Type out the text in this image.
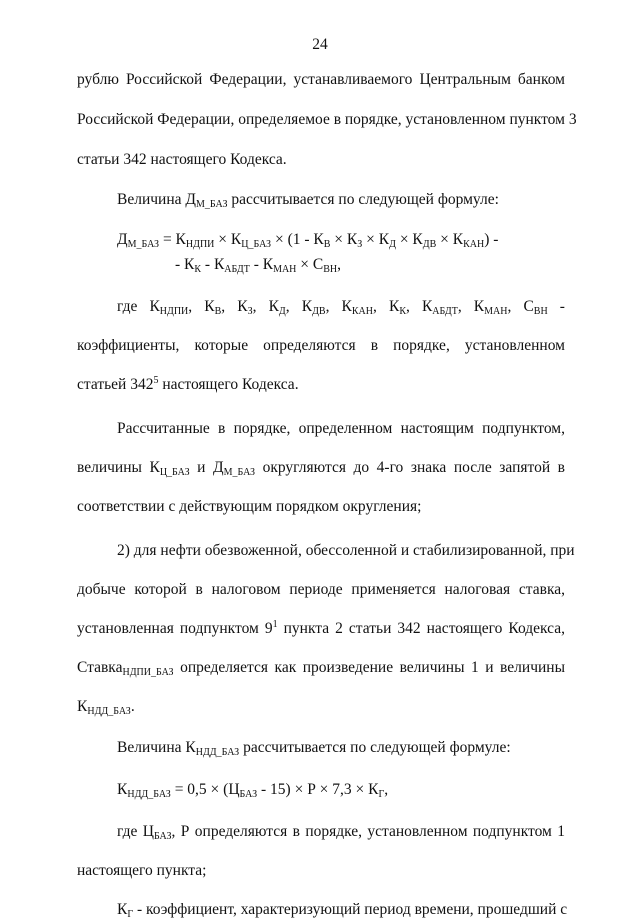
24
рублю Российской Федерации, устанавливаемого Центральным банком
Российской Федерации, определяемое в порядке, установленном пунктом 3
статьи 342 настоящего Кодекса.
Величина $Д_{М\_БАЗ}$ рассчитывается по следующей формуле:
$Д_{М\_БАЗ} = К_{НДПИ} \times К_{Ц\_БАЗ} \times (1 - К_В \times К_З \times К_Д \times К_{ДВ} \times К_{КАН})$ -
- $К_К - К_{АБДТ} - К_{МАН} \times С_{ВН}$,
где $К_{НДПИ}$, $К_В$, $К_З$, $К_Д$, $К_{ДВ}$, $К_{КАН}$, $К_К$, $К_{АБДТ}$, $К_{МАН}$, $С_{ВН}$ -
коэффициенты, которые определяются в порядке, установленном
статьей $342^5$ настоящего Кодекса.
Рассчитанные в порядке, определенном настоящим подпунктом,
величины $К_{Ц\_БАЗ}$ и $Д_{М\_БАЗ}$ округляются до 4-го знака после запятой в
соответствии с действующим порядком округления;
2) для нефти обезвоженной, обессоленной и стабилизированной, при
добыче которой в налоговом периоде применяется налоговая ставка,
установленная подпунктом $9^1$ пункта 2 статьи 342 настоящего Кодекса,
Ставка$_{НДПИ\_БАЗ}$ определяется как произведение величины 1 и величины
$К_{НДД\_БАЗ}$.
Величина $К_{НДД\_БАЗ}$ рассчитывается по следующей формуле:
$К_{НДД\_БАЗ} = 0,5 \times (Ц_{БАЗ} - 15) \times Р \times 7,3 \times К_Г$,
где $Ц_{БАЗ}$, Р определяются в порядке, установленном подпунктом 1
настоящего пункта;
$К_Г$ - коэффициент, характеризующий период времени, прошедший с
